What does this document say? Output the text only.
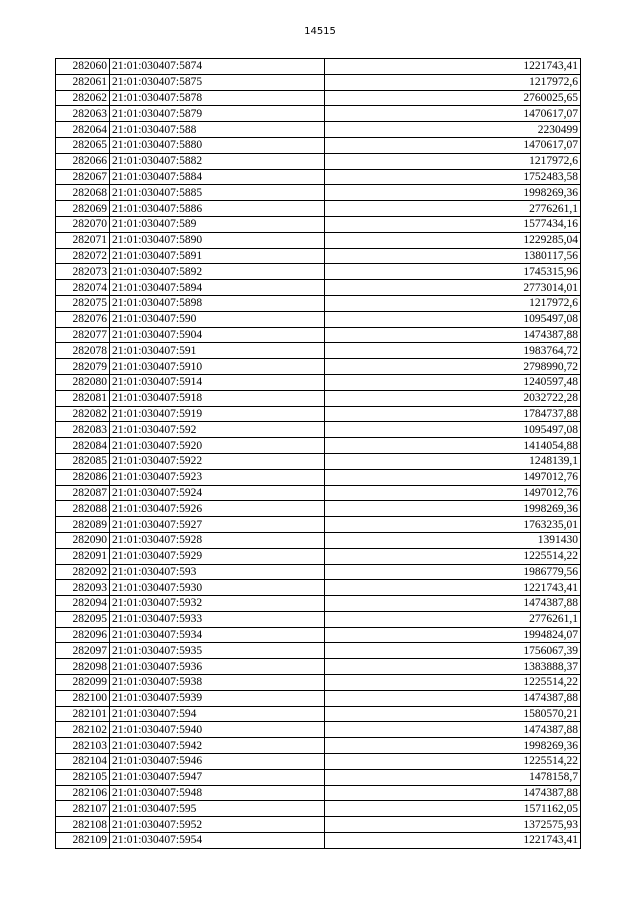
14515
282060	21:01:030407:5874	1221743,41
282061	21:01:030407:5875	1217972,6
282062	21:01:030407:5878	2760025,65
282063	21:01:030407:5879	1470617,07
282064	21:01:030407:588	2230499
282065	21:01:030407:5880	1470617,07
282066	21:01:030407:5882	1217972,6
282067	21:01:030407:5884	1752483,58
282068	21:01:030407:5885	1998269,36
282069	21:01:030407:5886	2776261,1
282070	21:01:030407:589	1577434,16
282071	21:01:030407:5890	1229285,04
282072	21:01:030407:5891	1380117,56
282073	21:01:030407:5892	1745315,96
282074	21:01:030407:5894	2773014,01
282075	21:01:030407:5898	1217972,6
282076	21:01:030407:590	1095497,08
282077	21:01:030407:5904	1474387,88
282078	21:01:030407:591	1983764,72
282079	21:01:030407:5910	2798990,72
282080	21:01:030407:5914	1240597,48
282081	21:01:030407:5918	2032722,28
282082	21:01:030407:5919	1784737,88
282083	21:01:030407:592	1095497,08
282084	21:01:030407:5920	1414054,88
282085	21:01:030407:5922	1248139,1
282086	21:01:030407:5923	1497012,76
282087	21:01:030407:5924	1497012,76
282088	21:01:030407:5926	1998269,36
282089	21:01:030407:5927	1763235,01
282090	21:01:030407:5928	1391430
282091	21:01:030407:5929	1225514,22
282092	21:01:030407:593	1986779,56
282093	21:01:030407:5930	1221743,41
282094	21:01:030407:5932	1474387,88
282095	21:01:030407:5933	2776261,1
282096	21:01:030407:5934	1994824,07
282097	21:01:030407:5935	1756067,39
282098	21:01:030407:5936	1383888,37
282099	21:01:030407:5938	1225514,22
282100	21:01:030407:5939	1474387,88
282101	21:01:030407:594	1580570,21
282102	21:01:030407:5940	1474387,88
282103	21:01:030407:5942	1998269,36
282104	21:01:030407:5946	1225514,22
282105	21:01:030407:5947	1478158,7
282106	21:01:030407:5948	1474387,88
282107	21:01:030407:595	1571162,05
282108	21:01:030407:5952	1372575,93
282109	21:01:030407:5954	1221743,41
